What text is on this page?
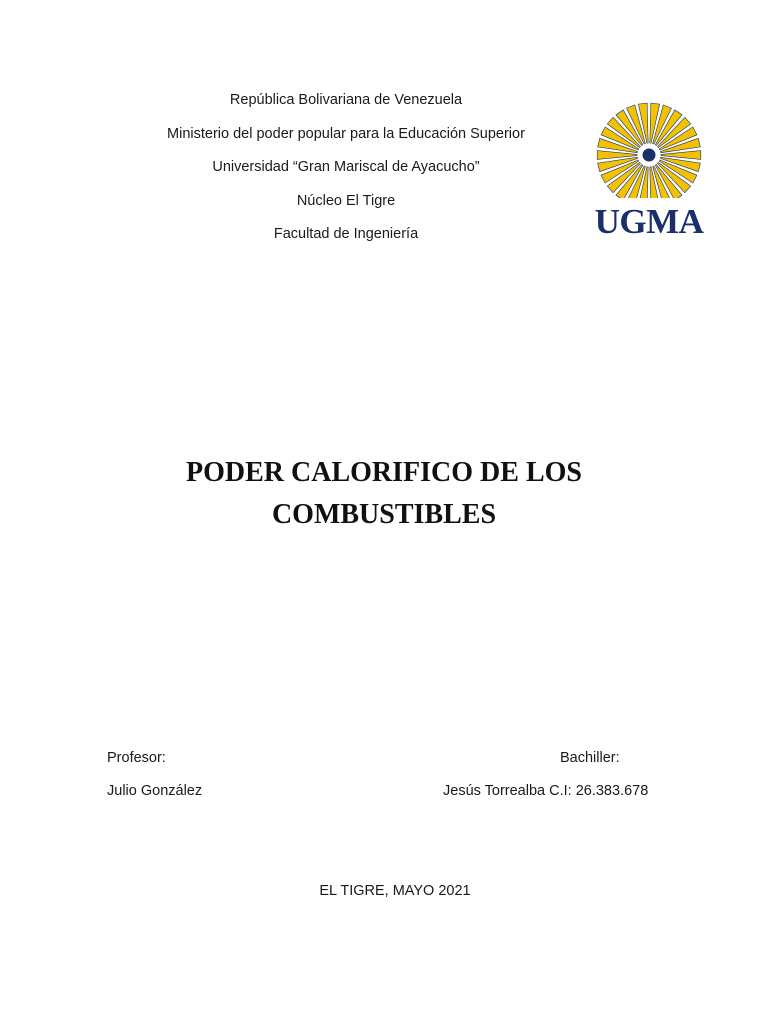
República Bolivariana de Venezuela
Ministerio del poder popular para la Educación Superior
Universidad “Gran Mariscal de Ayacucho”
Núcleo El Tigre
Facultad de Ingeniería	UGMA
PODER CALORIFICO DE LOS
COMBUSTIBLES
Profesor:
Julio González
Bachiller:
Jesús Torrealba C.I: 26.383.678
EL TIGRE, MAYO 2021
